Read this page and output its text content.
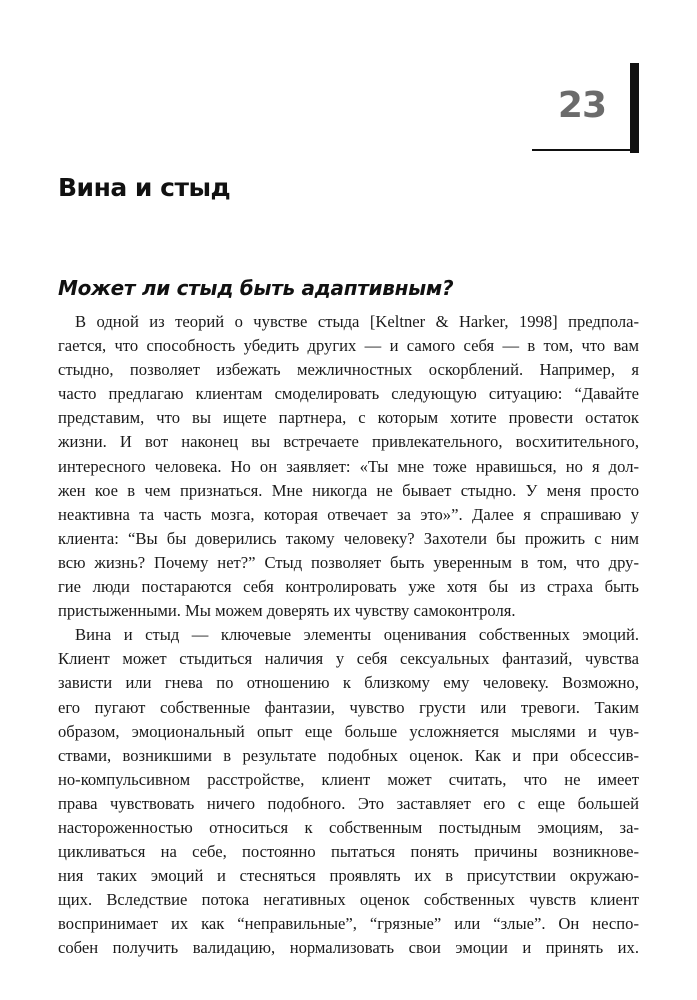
23
Вина и стыд
Может ли стыд быть адаптивным?
В одной из теорий о чувстве стыда [Keltner & Harker, 1998] предпола-
гается, что способность убедить других — и самого себя — в том, что вам
стыдно, позволяет избежать межличностных оскорблений. Например, я
часто предлагаю клиентам смоделировать следующую ситуацию: “Давайте
представим, что вы ищете партнера, с которым хотите провести остаток
жизни. И вот наконец вы встречаете привлекательного, восхитительного,
интересного человека. Но он заявляет: «Ты мне тоже нравишься, но я дол-
жен кое в чем признаться. Мне никогда не бывает стыдно. У меня просто
неактивна та часть мозга, которая отвечает за это»”. Далее я спрашиваю у
клиента: “Вы бы доверились такому человеку? Захотели бы прожить с ним
всю жизнь? Почему нет?” Стыд позволяет быть уверенным в том, что дру-
гие люди постараются себя контролировать уже хотя бы из страха быть
пристыженными. Мы можем доверять их чувству самоконтроля.
Вина и стыд — ключевые элементы оценивания собственных эмоций.
Клиент может стыдиться наличия у себя сексуальных фантазий, чувства
зависти или гнева по отношению к близкому ему человеку. Возможно,
его пугают собственные фантазии, чувство грусти или тревоги. Таким
образом, эмоциональный опыт еще больше усложняется мыслями и чув-
ствами, возникшими в результате подобных оценок. Как и при обсессив-
но-компульсивном расстройстве, клиент может считать, что не имеет
права чувствовать ничего подобного. Это заставляет его с еще большей
настороженностью относиться к собственным постыдным эмоциям, за-
цикливаться на себе, постоянно пытаться понять причины возникнове-
ния таких эмоций и стесняться проявлять их в присутствии окружаю-
щих. Вследствие потока негативных оценок собственных чувств клиент
воспринимает их как “неправильные”, “грязные” или “злые”. Он неспо-
собен получить валидацию, нормализовать свои эмоции и принять их.
